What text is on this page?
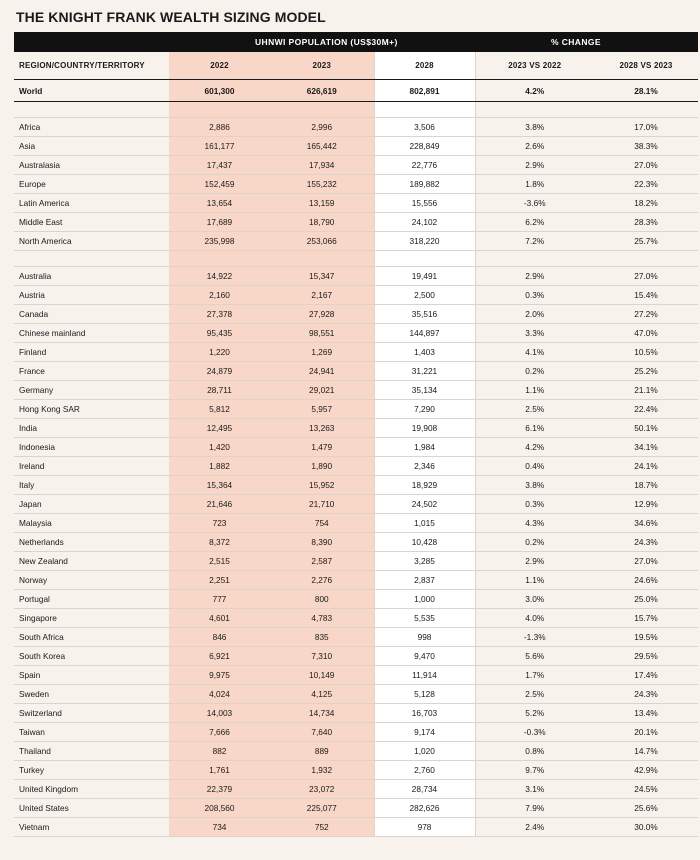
THE KNIGHT FRANK WEALTH SIZING MODEL
UHNWI POPULATION (US$30M+)	% CHANGE
REGION/COUNTRY/TERRITORY	2022	2023	2028	2023 VS 2022	2028 VS 2023
World	601,300	626,619	802,891	4.2%	28.1%

Africa	2,886	2,996	3,506	3.8%	17.0%
Asia	161,177	165,442	228,849	2.6%	38.3%
Australasia	17,437	17,934	22,776	2.9%	27.0%
Europe	152,459	155,232	189,882	1.8%	22.3%
Latin America	13,654	13,159	15,556	-3.6%	18.2%
Middle East	17,689	18,790	24,102	6.2%	28.3%
North America	235,998	253,066	318,220	7.2%	25.7%

Australia	14,922	15,347	19,491	2.9%	27.0%
Austria	2,160	2,167	2,500	0.3%	15.4%
Canada	27,378	27,928	35,516	2.0%	27.2%
Chinese mainland	95,435	98,551	144,897	3.3%	47.0%
Finland	1,220	1,269	1,403	4.1%	10.5%
France	24,879	24,941	31,221	0.2%	25.2%
Germany	28,711	29,021	35,134	1.1%	21.1%
Hong Kong SAR	5,812	5,957	7,290	2.5%	22.4%
India	12,495	13,263	19,908	6.1%	50.1%
Indonesia	1,420	1,479	1,984	4.2%	34.1%
Ireland	1,882	1,890	2,346	0.4%	24.1%
Italy	15,364	15,952	18,929	3.8%	18.7%
Japan	21,646	21,710	24,502	0.3%	12.9%
Malaysia	723	754	1,015	4.3%	34.6%
Netherlands	8,372	8,390	10,428	0.2%	24.3%
New Zealand	2,515	2,587	3,285	2.9%	27.0%
Norway	2,251	2,276	2,837	1.1%	24.6%
Portugal	777	800	1,000	3.0%	25.0%
Singapore	4,601	4,783	5,535	4.0%	15.7%
South Africa	846	835	998	-1.3%	19.5%
South Korea	6,921	7,310	9,470	5.6%	29.5%
Spain	9,975	10,149	11,914	1.7%	17.4%
Sweden	4,024	4,125	5,128	2.5%	24.3%
Switzerland	14,003	14,734	16,703	5.2%	13.4%
Taiwan	7,666	7,640	9,174	-0.3%	20.1%
Thailand	882	889	1,020	0.8%	14.7%
Turkey	1,761	1,932	2,760	9.7%	42.9%
United Kingdom	22,379	23,072	28,734	3.1%	24.5%
United States	208,560	225,077	282,626	7.9%	25.6%
Vietnam	734	752	978	2.4%	30.0%
